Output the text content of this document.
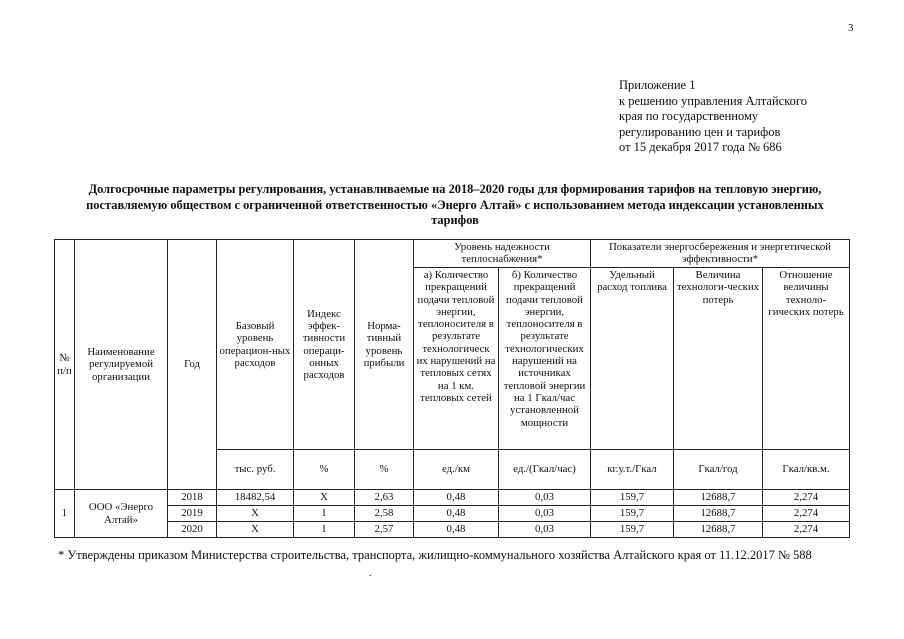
3
Приложение 1
к решению управления Алтайского
края по государственному
регулированию цен и тарифов
от 15 декабря 2017 года № 686
Долгосрочные параметры регулирования, устанавливаемые на 2018–2020 годы для формирования тарифов на тепловую энергию,
поставляемую обществом с ограниченной ответственностью «Энерго Алтай» с использованием метода индексации установленных
тарифов
№ п/п	Наименование регулируемой организации	Год	Базовый уровень операцион-ных расходов	Индекс эффек-тивности операци-онных расходов	Норма-тивный уровень прибыли	Уровень надежности теплоснабжения*		Показатели энергосбережения и энергетической эффективности*		
						а) Количество прекращений подачи тепловой энергии, теплоносителя в результате технологическ их нарушений на тепловых сетях на 1 км. тепловых сетей	б) Количество прекращений подачи тепловой энергии, теплоносителя в результате технологических нарушений на источниках тепловой энергии на 1 Гкал/час установленной мощности	Удельный расход топлива	Величина технологи-ческих потерь	Отношение величины техноло-гических потерь
			тыс. руб.	%	%	ед./км	ед./(Гкал/час)	кг.у.т./Гкал	Гкал/год	Гкал/кв.м.
1	ООО «Энерго Алтай»	2018	18482,54	Х	2,63	0,48	0,03	159,7	12688,7	2,274
		2019	Х	1	2,58	0,48	0,03	159,7	12688,7	2,274
		2020	Х	1	2,57	0,48	0,03	159,7	12688,7	2,274
* Утверждены приказом Министерства строительства, транспорта, жилищно-коммунального хозяйства Алтайского края от 11.12.2017 № 588
.
